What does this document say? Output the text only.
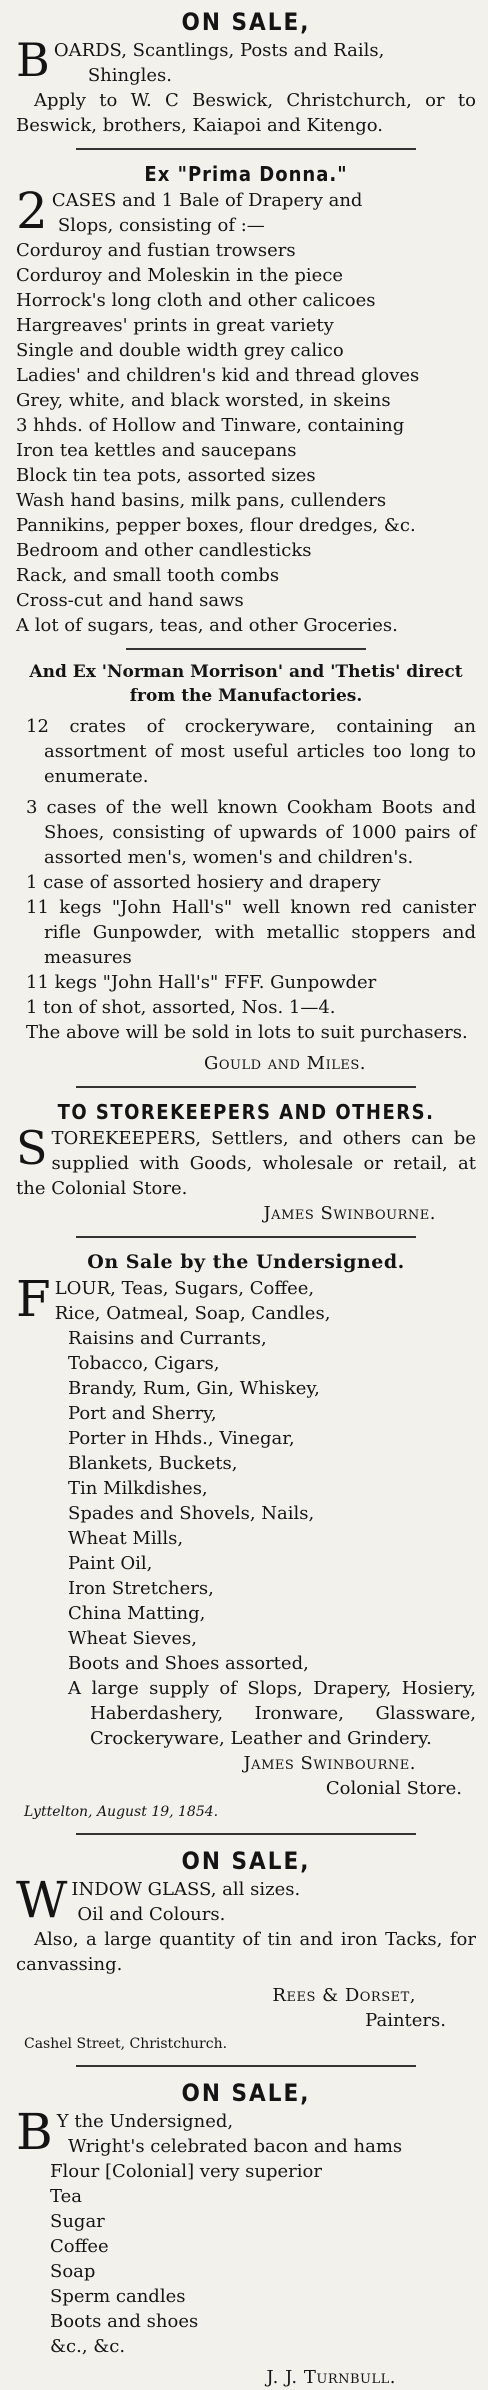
ON SALE,
BOARDS, Scantlings, Posts and Rails,
Shingles.
Apply to W. C Beswick, Christchurch, or to Beswick, brothers, Kaiapoi and Kitengo.
Ex "Prima Donna."
2 CASES and 1 Bale of Drapery and
Slops, consisting of :—
Corduroy and fustian trowsers
Corduroy and Moleskin in the piece
Horrock's long cloth and other calicoes
Hargreaves' prints in great variety
Single and double width grey calico
Ladies' and children's kid and thread gloves
Grey, white, and black worsted, in skeins
3 hhds. of Hollow and Tinware, containing
Iron tea kettles and saucepans
Block tin tea pots, assorted sizes
Wash hand basins, milk pans, cullenders
Pannikins, pepper boxes, flour dredges, &c.
Bedroom and other candlesticks
Rack, and small tooth combs
Cross-cut and hand saws
A lot of sugars, teas, and other Groceries.
And Ex 'Norman Morrison' and 'Thetis' direct
from the Manufactories.
12 crates of crockeryware, containing an assortment of most useful articles too long to enumerate.
3 cases of the well known Cookham Boots and Shoes, consisting of upwards of 1000 pairs of assorted men's, women's and children's.
1 case of assorted hosiery and drapery
11 kegs "John Hall's" well known red canister rifle Gunpowder, with metallic stoppers and measures
11 kegs "John Hall's" FFF. Gunpowder
1 ton of shot, assorted, Nos. 1—4.
The above will be sold in lots to suit purchasers.
Gould and Miles.
TO STOREKEEPERS AND OTHERS.
STOREKEEPERS, Settlers, and others can be supplied with Goods, wholesale or retail, at the Colonial Store.
James Swinbourne.
On Sale by the Undersigned.
FLOUR, Teas, Sugars, Coffee,
Rice, Oatmeal, Soap, Candles,
Raisins and Currants,
Tobacco, Cigars,
Brandy, Rum, Gin, Whiskey,
Port and Sherry,
Porter in Hhds., Vinegar,
Blankets, Buckets,
Tin Milkdishes,
Spades and Shovels, Nails,
Wheat Mills,
Paint Oil,
Iron Stretchers,
China Matting,
Wheat Sieves,
Boots and Shoes assorted,
A large supply of Slops, Drapery, Hosiery, Haberdashery, Ironware, Glassware, Crockeryware, Leather and Grindery.
James Swinbourne.
Colonial Store.
Lyttelton, August 19, 1854.
ON SALE,
WINDOW GLASS, all sizes.
Oil and Colours.
Also, a large quantity of tin and iron Tacks, for canvassing.
Rees & Dorset,
Painters.
Cashel Street, Christchurch.
ON SALE,
B Y the Undersigned,
Wright's celebrated bacon and hams
Flour [Colonial] very superior
Tea
Sugar
Coffee
Soap
Sperm candles
Boots and shoes
&c., &c.
J. J. Turnbull.
